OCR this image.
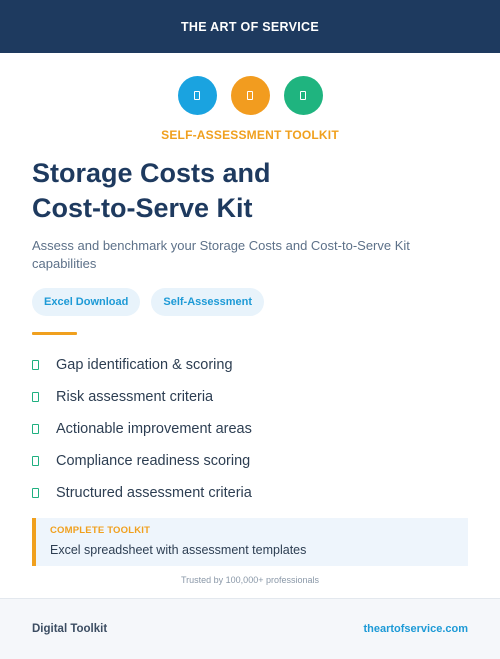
THE ART OF SERVICE
SELF-ASSESSMENT TOOLKIT
Storage Costs and
Cost-to-Serve Kit

Assess and benchmark your Storage Costs and Cost-to-Serve Kit capabilities

Excel Download	Self-Assessment
Gap identification & scoring
Risk assessment criteria
Actionable improvement areas
Compliance readiness scoring
Structured assessment criteria
COMPLETE TOOLKIT
Excel spreadsheet with assessment templates
Trusted by 100,000+ professionals
Digital Toolkit	theartofservice.com
